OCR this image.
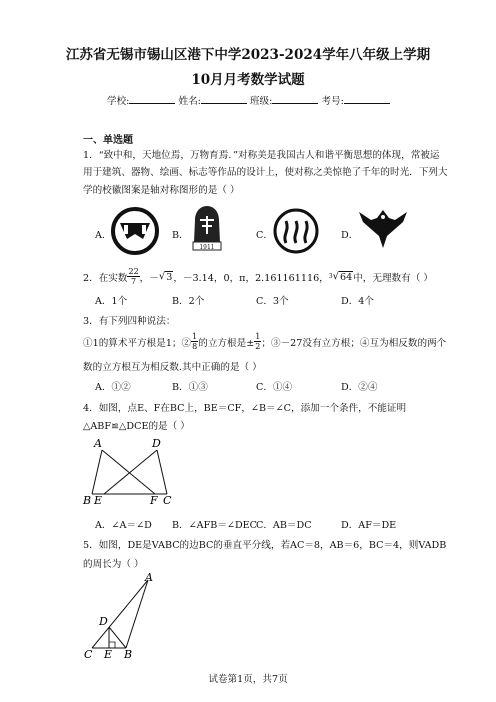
江苏省无锡市锡山区港下中学2023-2024学年八年级上学期
10月月考数学试题
学校:	姓名:	班级:	考号:
一、单选题
1．“致中和，天地位焉，万物育焉．”对称美是我国古人和谐平衡思想的体现，常被运
用于建筑、器物、绘画、标志等作品的设计上，使对称之美惊艳了千年的时光．下列大
学的校徽图案是轴对称图形的是（ ）
A．	B．
1911
C．	D．
2．在实数 $\frac{22}{7}$ ， － √ 3 ，－3.14，0，π，2.161161116， 3 √ 64 中，无理数有（ ）
A．1个	B．2个	C．3个	D．4个
3．有下列四种说法：
①1的算术平方根是1；② $\frac{1}{8}$ 的立方根是± $\frac{1}{2}$ ；③－27没有立方根；④互为相反数的两个
数的立方根互为相反数.其中正确的是（ ）
A．①②	B．①③	C．①④	D．②④
4．如图，点E、F在BC上，BE＝CF，∠B＝∠C，添加一个条件，不能证明
△ABF≌△DCE的是（ ）
A	D
B E	F C
A．∠A＝∠D B．∠AFB＝∠DEC C．AB＝DC	D．AF＝DE
5．如图，DE是VABC的边BC的垂直平分线，若AC＝8，AB＝6，BC＝4，则VADB
的周长为（ ）
A
D
C E B
试卷第1页，共7页
